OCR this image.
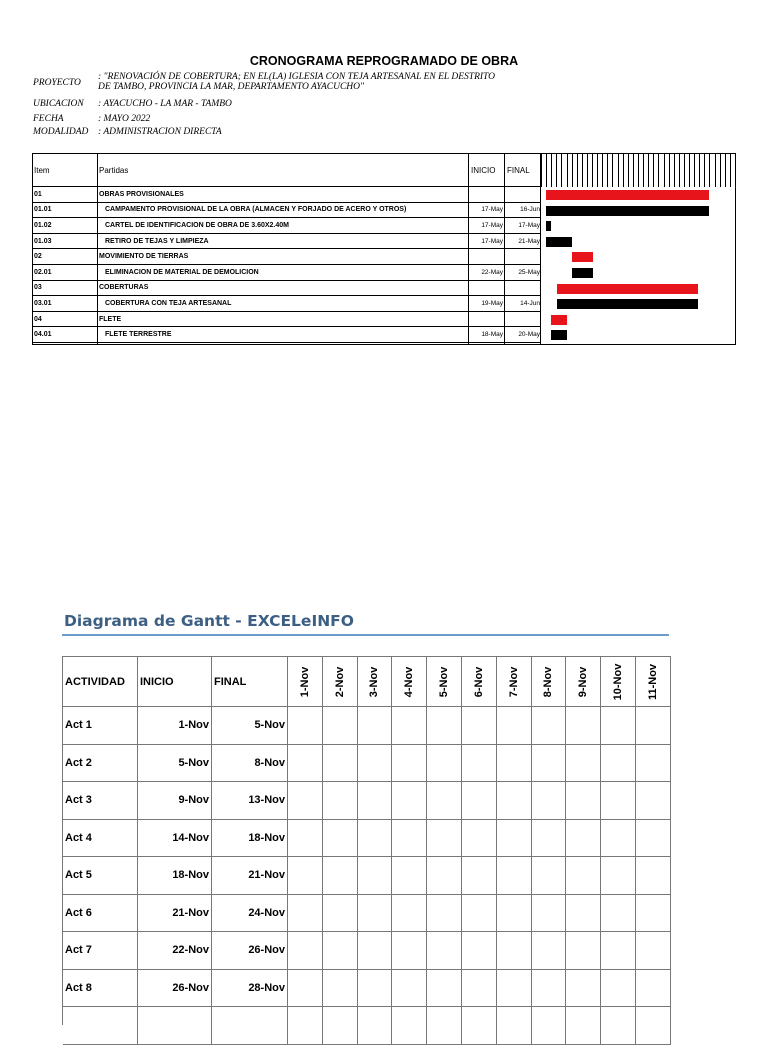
CRONOGRAMA REPROGRAMADO DE OBRA
PROYECTO
: "RENOVACIÓN DE COBERTURA; EN EL(LA) IGLESIA CON TEJA ARTESANAL EN EL DESTRITO DE TAMBO, PROVINCIA LA MAR, DEPARTAMENTO AYACUCHO"
UBICACION : AYACUCHO - LA MAR - TAMBO
FECHA	: MAYO 2022
MODALIDAD : ADMINISTRACION DIRECTA
Item	Partidas	INICIO	FINAL
01	OBRAS PROVISIONALES
01.01	CAMPAMENTO PROVISIONAL DE LA OBRA (ALMACEN Y FORJADO DE ACERO Y OTROS)	17-May	16-Jun
01.02	CARTEL DE IDENTIFICACION DE OBRA DE 3.60X2.40M	17-May	17-May
01.03	RETIRO DE TEJAS Y LIMPIEZA	17-May	21-May
02	MOVIMIENTO DE TIERRAS
02.01	ELIMINACION DE MATERIAL DE DEMOLICION	22-May	25-May
03	COBERTURAS
03.01	COBERTURA CON TEJA ARTESANAL	19-May	14-Jun
04	FLETE
04.01	FLETE TERRESTRE	18-May	20-May
Diagrama de Gantt - EXCELeINFO
ACTIVIDAD	INICIO	FINAL	1-Nov 2-Nov 3-Nov 4-Nov 5-Nov 6-Nov 7-Nov 8-Nov 9-Nov 10-Nov 11-Nov
Act 1	1-Nov	5-Nov
Act 2	5-Nov	8-Nov
Act 3	9-Nov	13-Nov
Act 4	14-Nov	18-Nov
Act 5	18-Nov	21-Nov
Act 6	21-Nov	24-Nov
Act 7	22-Nov	26-Nov
Act 8	26-Nov	28-Nov
